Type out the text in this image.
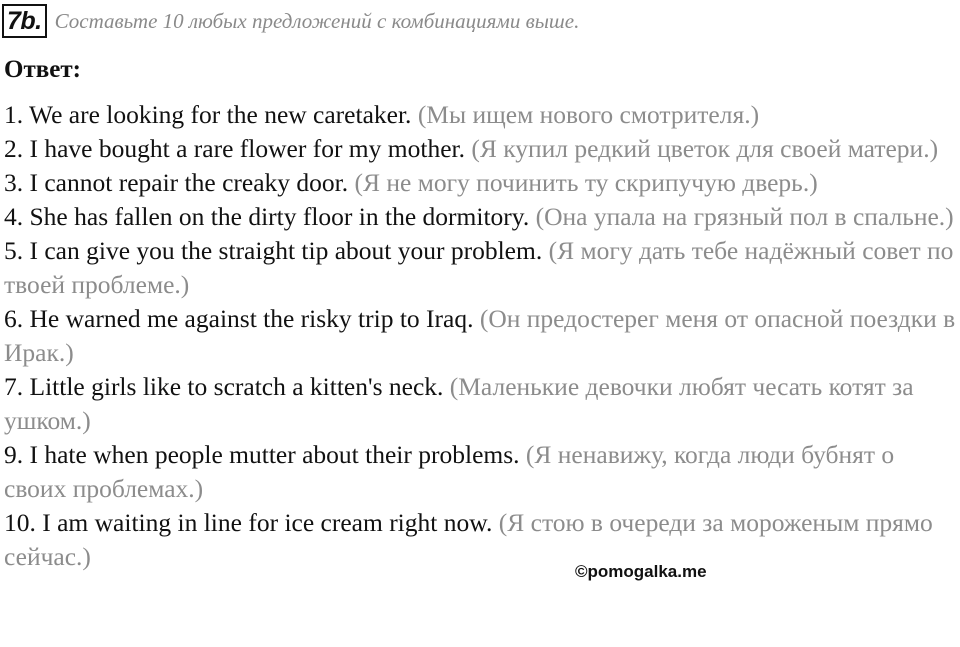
7b. Составьте 10 любых предложений с комбинациями выше.
Ответ:

1. We are looking for the new caretaker. (Мы ищем нового смотрителя.)

2. I have bought a rare flower for my mother. (Я купил редкий цветок для своей матери.)

3. I cannot repair the creaky door. (Я не могу починить ту скрипучую дверь.)

4. She has fallen on the dirty floor in the dormitory. (Она упала на грязный пол в спальне.)

5. I can give you the straight tip about your problem. (Я могу дать тебе надёжный совет по твоей проблеме.)

6. He warned me against the risky trip to Iraq. (Он предостерег меня от опасной поездки в Ирак.)

7. Little girls like to scratch a kitten's neck. (Маленькие девочки любят чесать котят за ушком.)

9. I hate when people mutter about their problems. (Я ненавижу, когда люди бубнят о своих проблемах.)

10. I am waiting in line for ice cream right now. (Я стою в очереди за мороженым прямо сейчас.)

©pomogalka.me
